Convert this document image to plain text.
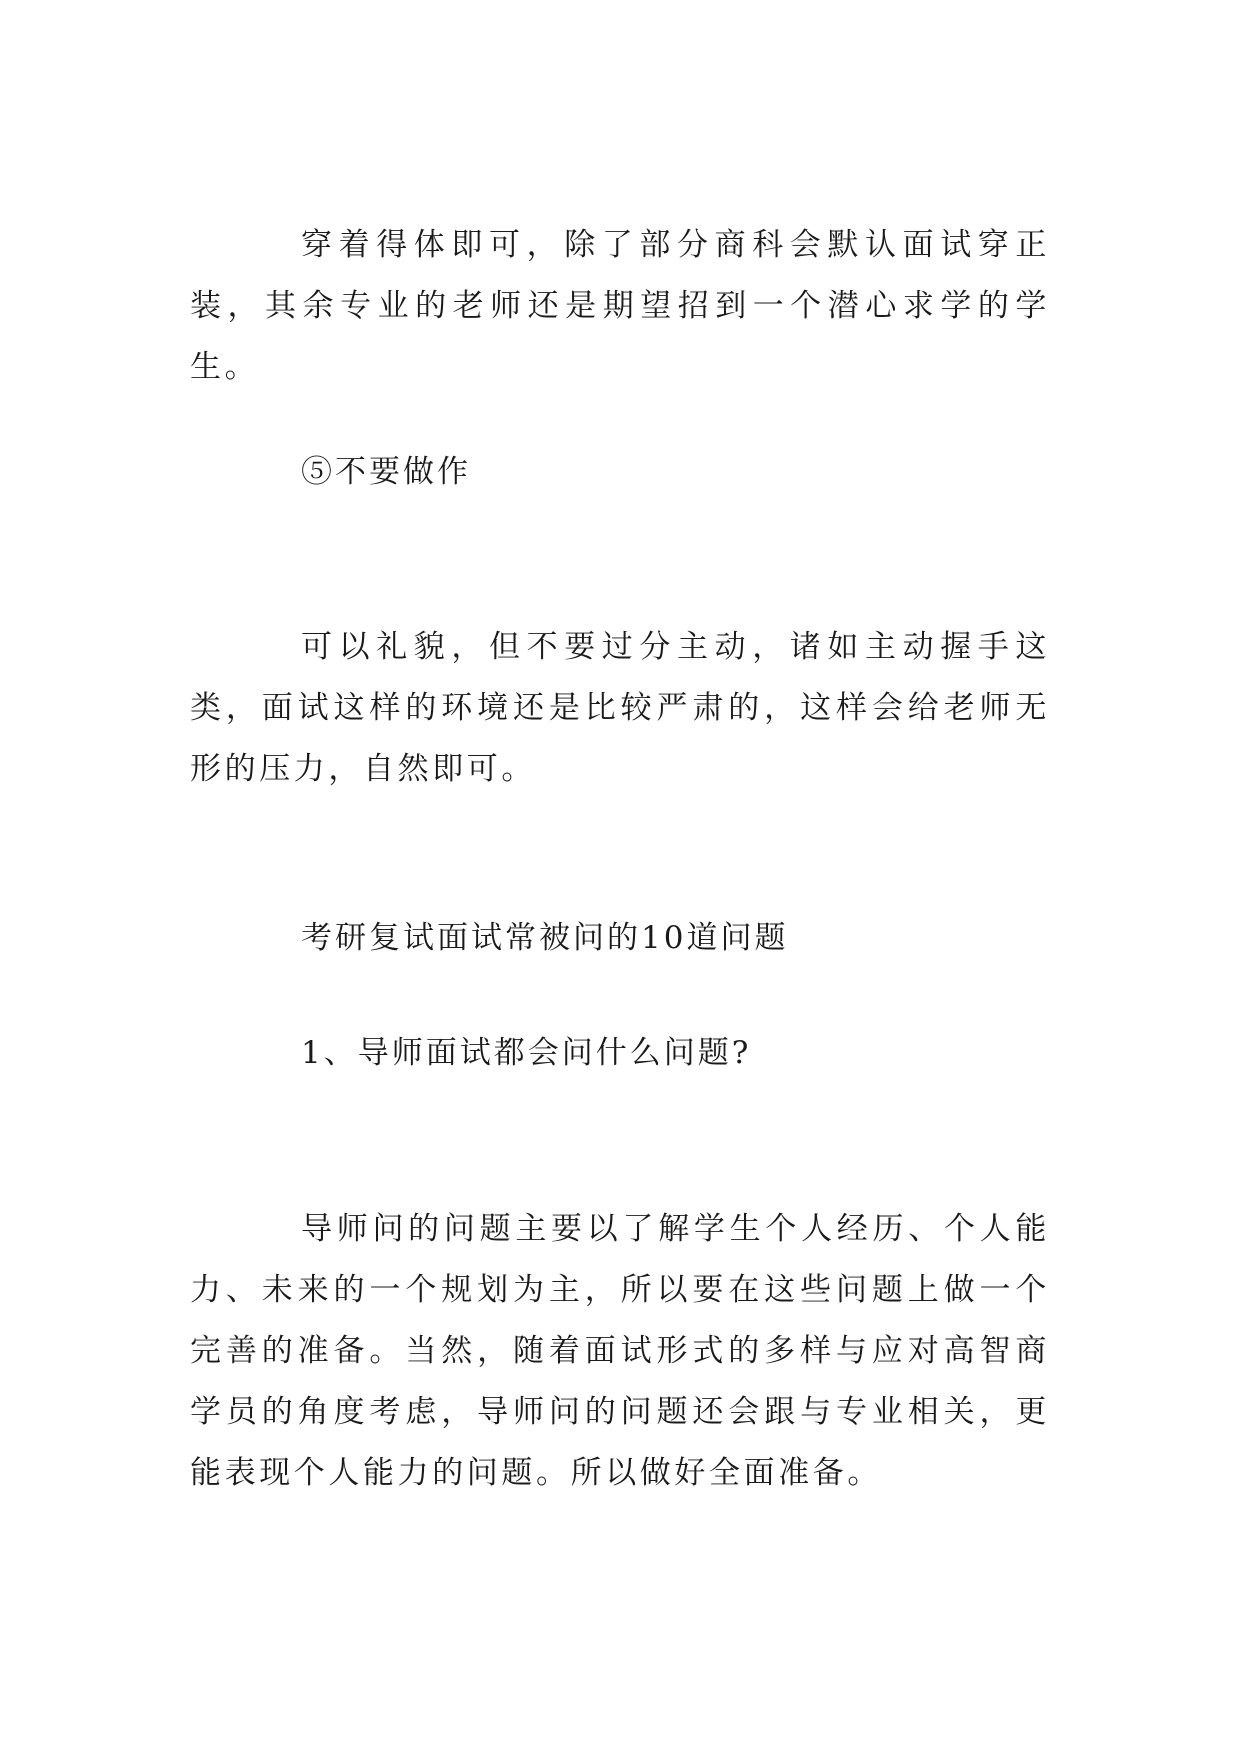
穿着得体即可，除了部分商科会默认面试穿正装，其余专业的老师还是期望招到一个潜心求学的学生。

⑤不要做作

可以礼貌，但不要过分主动，诸如主动握手这类，面试这样的环境还是比较严肃的，这样会给老师无形的压力，自然即可。

考研复试面试常被问的10道问题

1、导师面试都会问什么问题?

导师问的问题主要以了解学生个人经历、个人能力、未来的一个规划为主，所以要在这些问题上做一个完善的准备。当然，随着面试形式的多样与应对高智商学员的角度考虑，导师问的问题还会跟与专业相关，更能表现个人能力的问题。所以做好全面准备。
